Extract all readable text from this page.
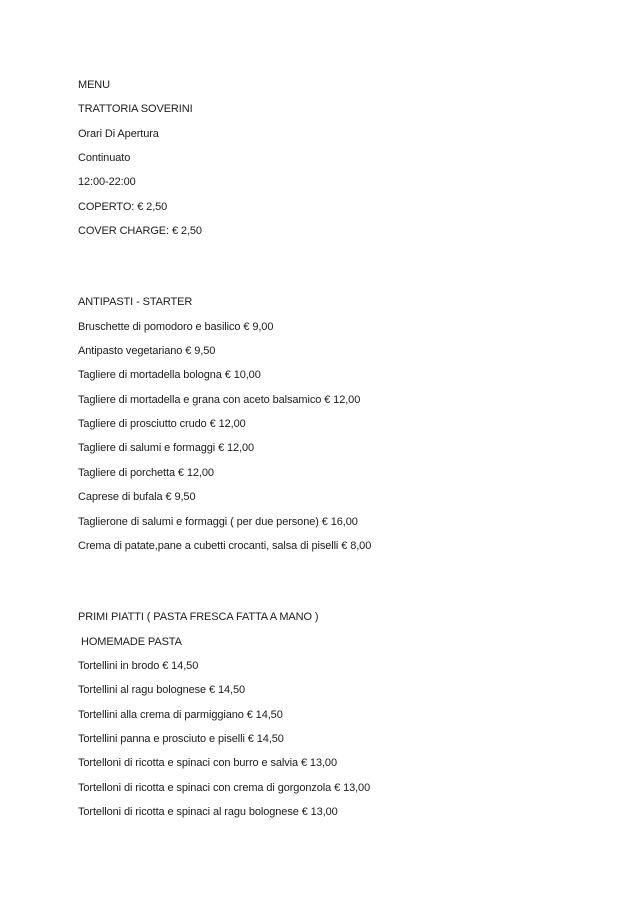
MENU

TRATTORIA SOVERINI

Orari Di Apertura

Continuato

12:00-22:00

COPERTO: € 2,50

COVER CHARGE: € 2,50

ANTIPASTI - STARTER

Bruschette di pomodoro e basilico € 9,00

Antipasto vegetariano € 9,50

Tagliere di mortadella bologna € 10,00

Tagliere di mortadella e grana con aceto balsamico € 12,00

Tagliere di prosciutto crudo € 12,00

Tagliere di salumi e formaggi € 12,00

Tagliere di porchetta € 12,00

Caprese di bufala € 9,50

Taglierone di salumi e formaggi ( per due persone) € 16,00

Crema di patate,pane a cubetti crocanti, salsa di piselli € 8,00

PRIMI PIATTI ( PASTA FRESCA FATTA A MANO )

HOMEMADE PASTA

Tortellini in brodo € 14,50

Tortellini al ragu bolognese € 14,50

Tortellini alla crema di parmiggiano € 14,50

Tortellini panna e prosciuto e piselli € 14,50

Tortelloni di ricotta e spinaci con burro e salvia € 13,00

Tortelloni di ricotta e spinaci con crema di gorgonzola € 13,00

Tortelloni di ricotta e spinaci al ragu bolognese € 13,00
